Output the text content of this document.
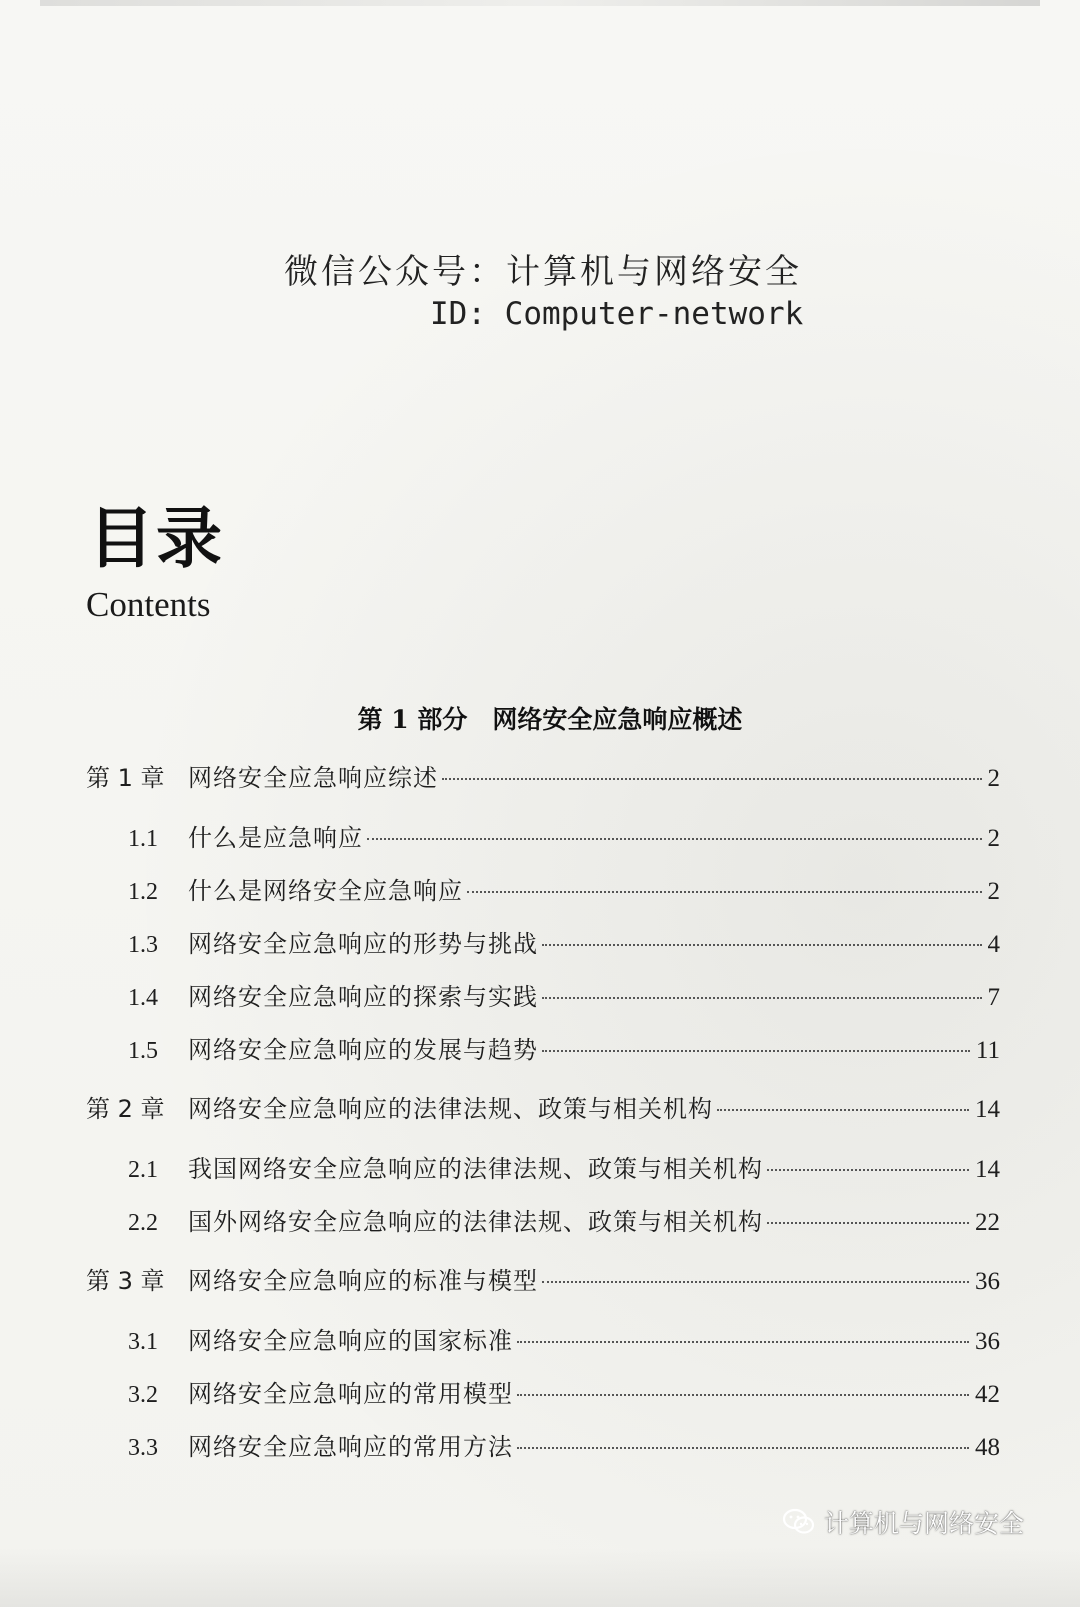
微信公众号：计算机与网络安全
ID: Computer-network
目录
Contents
第 1 部分　网络安全应急响应概述
第 1 章 网络安全应急响应综述	2
1.1	什么是应急响应	2
1.2	什么是网络安全应急响应	2
1.3	网络安全应急响应的形势与挑战	4
1.4	网络安全应急响应的探索与实践	7
1.5	网络安全应急响应的发展与趋势	11
第 2 章 网络安全应急响应的法律法规、政策与相关机构	14
2.1	我国网络安全应急响应的法律法规、政策与相关机构	14
2.2	国外网络安全应急响应的法律法规、政策与相关机构	22
第 3 章 网络安全应急响应的标准与模型	36
3.1	网络安全应急响应的国家标准	36
3.2	网络安全应急响应的常用模型	42
3.3	网络安全应急响应的常用方法	48
计算机与网络安全
